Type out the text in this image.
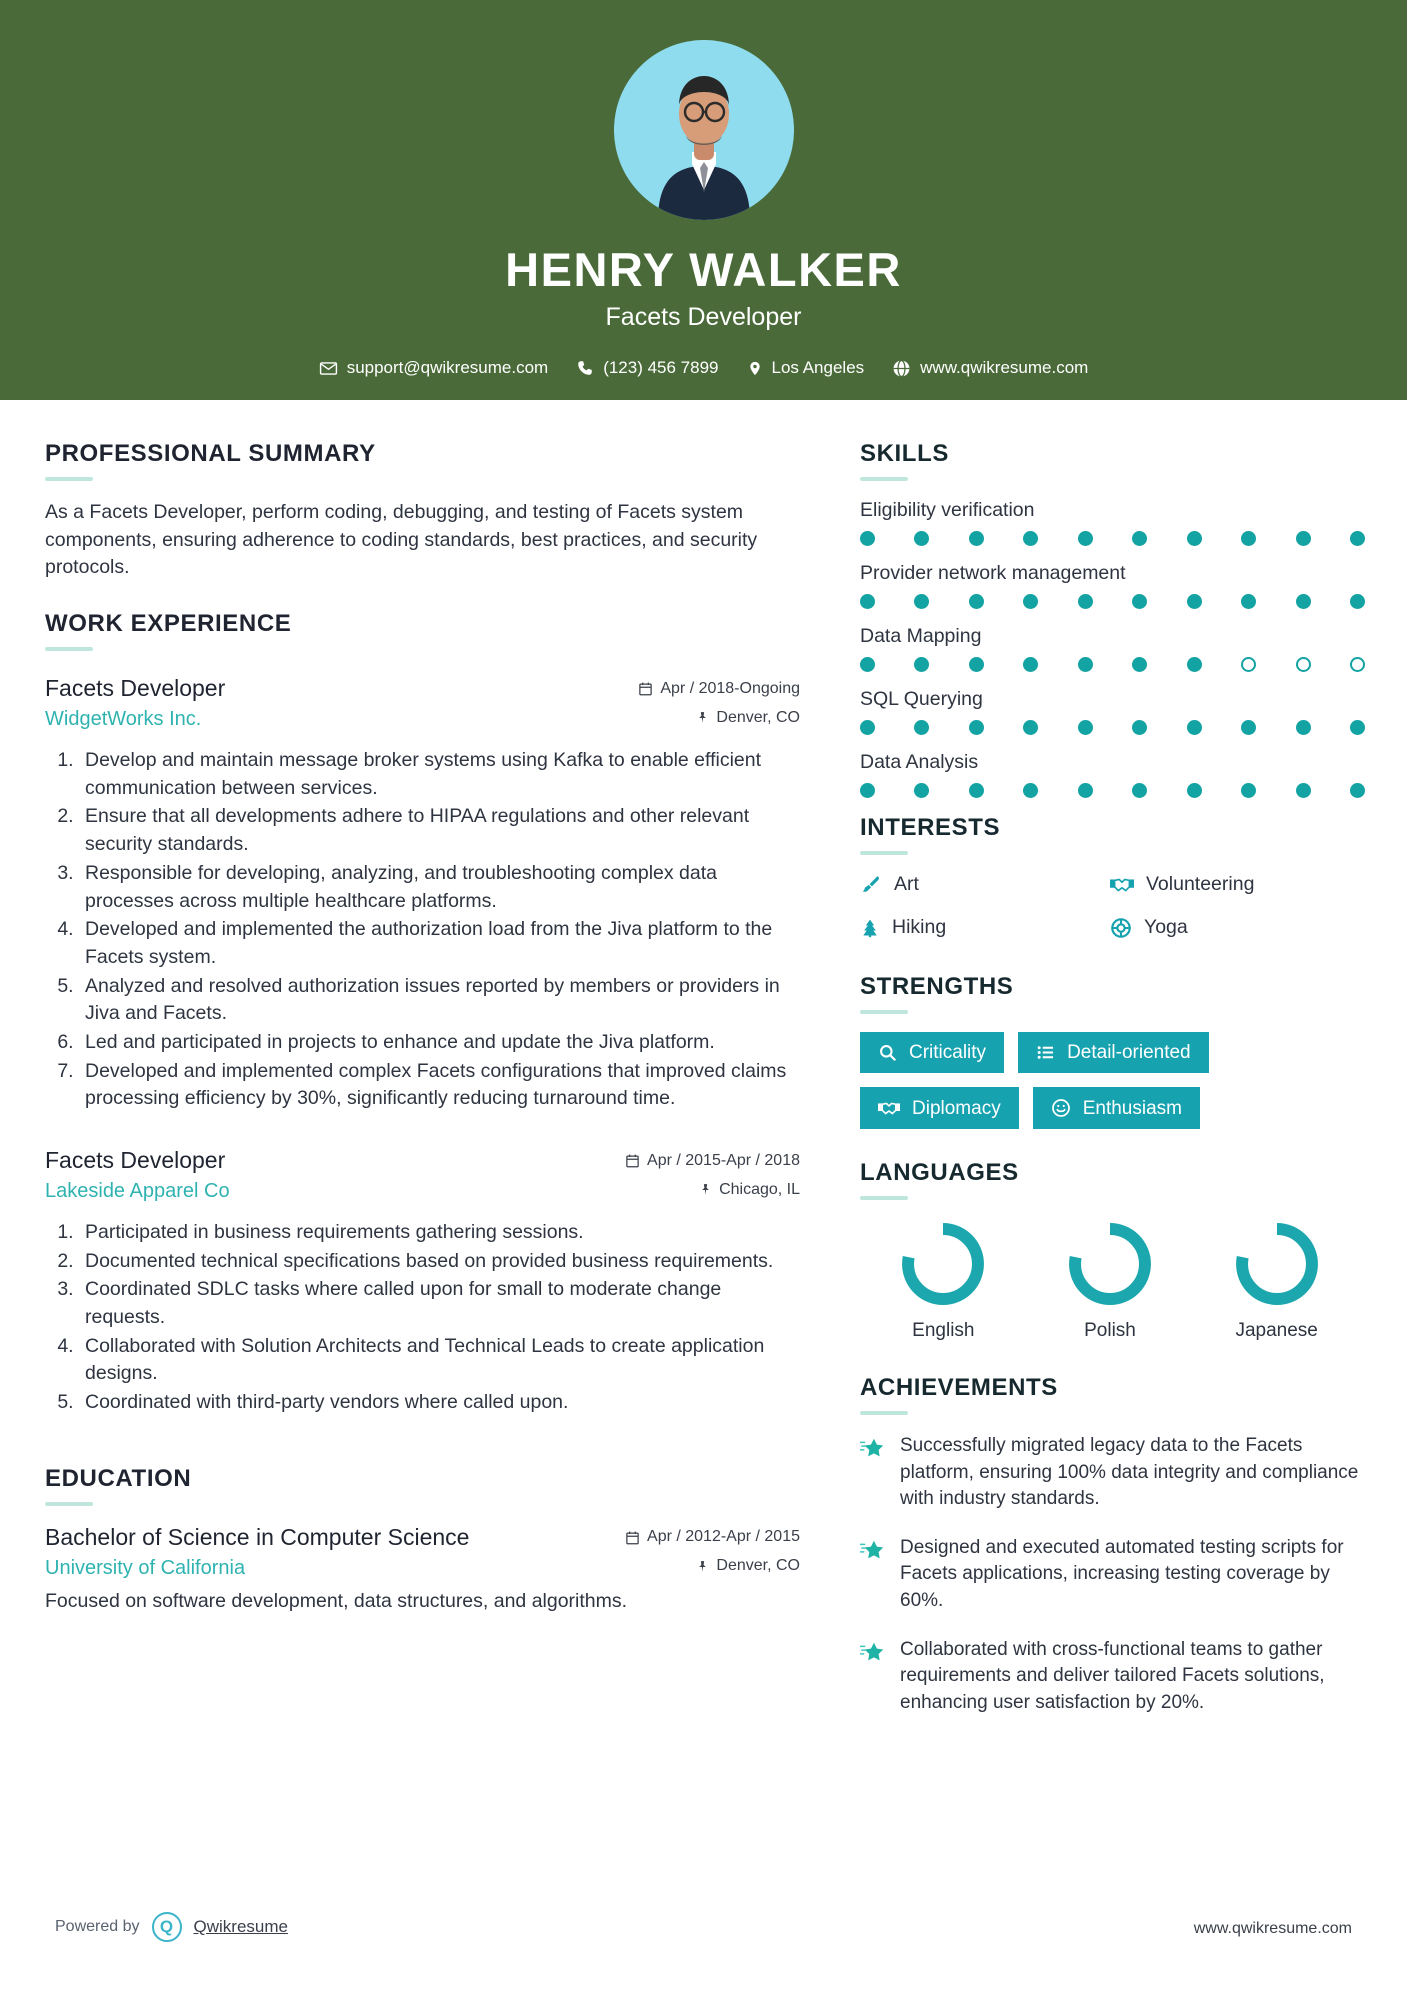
HENRY WALKER
Facets Developer
support@qwikresume.com	(123) 456 7899	Los Angeles	www.qwikresume.com
PROFESSIONAL SUMMARY

As a Facets Developer, perform coding, debugging, and testing of Facets system components, ensuring adherence to coding standards, best practices, and security protocols.

WORK EXPERIENCE
Facets Developer	Apr / 2018-Ongoing
WidgetWorks Inc.	Denver, CO
1. Develop and maintain message broker systems using Kafka to enable efficient communication between services.
2. Ensure that all developments adhere to HIPAA regulations and other relevant security standards.
3. Responsible for developing, analyzing, and troubleshooting complex data processes across multiple healthcare platforms.
4. Developed and implemented the authorization load from the Jiva platform to the Facets system.
5. Analyzed and resolved authorization issues reported by members or providers in Jiva and Facets.
6. Led and participated in projects to enhance and update the Jiva platform.
7. Developed and implemented complex Facets configurations that improved claims processing efficiency by 30%, significantly reducing turnaround time.
Facets Developer	Apr / 2015-Apr / 2018
Lakeside Apparel Co	Chicago, IL
1. Participated in business requirements gathering sessions.
2. Documented technical specifications based on provided business requirements.
3. Coordinated SDLC tasks where called upon for small to moderate change requests.
4. Collaborated with Solution Architects and Technical Leads to create application designs.
5. Coordinated with third-party vendors where called upon.
EDUCATION
Bachelor of Science in Computer Science	Apr / 2012-Apr / 2015
University of California	Denver, CO

Focused on software development, data structures, and algorithms.

SKILLS
Eligibility verification
Provider network management
Data Mapping
SQL Querying
Data Analysis
INTERESTS
Art	Volunteering
Hiking	Yoga
STRENGTHS
Criticality	Detail-oriented
Diplomacy	Enthusiasm
LANGUAGES
English	Polish	Japanese
ACHIEVEMENTS
Successfully migrated legacy data to the Facets platform, ensuring 100% data integrity and compliance with industry standards.
Designed and executed automated testing scripts for Facets applications, increasing testing coverage by 60%.
Collaborated with cross-functional teams to gather requirements and deliver tailored Facets solutions, enhancing user satisfaction by 20%.
Powered by	Q	Qwikresume	www.qwikresume.com
